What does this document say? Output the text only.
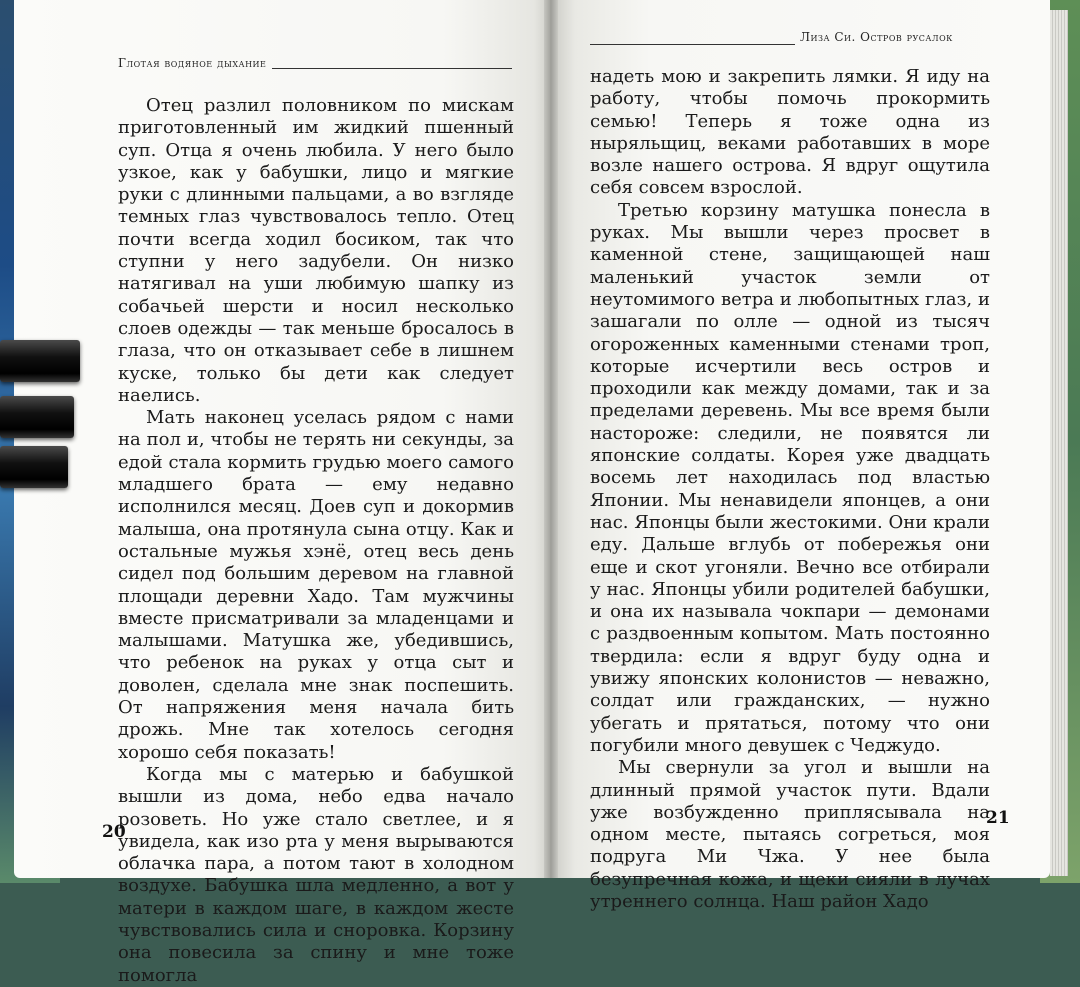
Глотая водяное дыхание

Отец разлил половником по мискам приготовленный им жидкий пшенный суп. Отца я очень любила. У него было узкое, как у бабушки, лицо и мягкие руки с длинными пальцами, а во взгляде темных глаз чувствовалось тепло. Отец почти всегда ходил босиком, так что ступни у него задубели. Он низко натягивал на уши любимую шапку из собачьей шерсти и носил несколько слоев одежды — так меньше бросалось в глаза, что он отказывает себе в лишнем куске, только бы дети как следует наелись.

Мать наконец уселась рядом с нами на пол и, чтобы не терять ни секунды, за едой стала кормить грудью моего самого младшего брата — ему недавно исполнился месяц. Доев суп и докормив малыша, она протянула сына отцу. Как и остальные мужья хэнё, отец весь день сидел под большим деревом на главной площади деревни Хадо. Там мужчины вместе присматривали за младенцами и малышами. Матушка же, убедившись, что ребенок на руках у отца сыт и доволен, сделала мне знак поспешить. От напряжения меня начала бить дрожь. Мне так хотелось сегодня хорошо себя показать!

Когда мы с матерью и бабушкой вышли из дома, небо едва начало розоветь. Но уже стало светлее, и я увидела, как изо рта у меня вырываются облачка пара, а потом тают в холодном воздухе. Бабушка шла медленно, а вот у матери в каждом шаге, в каждом жесте чувствовались сила и сноровка. Корзину она повесила за спину и мне тоже помогла

20
Лиза Си. Остров русалок

надеть мою и закрепить лямки. Я иду на работу, чтобы помочь прокормить семью! Теперь я тоже одна из ныряльщиц, веками работавших в море возле нашего острова. Я вдруг ощутила себя совсем взрослой.

Третью корзину матушка понесла в руках. Мы вышли через просвет в каменной стене, защищающей наш маленький участок земли от неутомимого ветра и любопытных глаз, и зашагали по олле — одной из тысяч огороженных каменными стенами троп, которые исчертили весь остров и проходили как между домами, так и за пределами деревень. Мы все время были настороже: следили, не появятся ли японские солдаты. Корея уже двадцать восемь лет находилась под властью Японии. Мы ненавидели японцев, а они нас. Японцы были жестокими. Они крали еду. Дальше вглубь от побережья они еще и скот угоняли. Вечно все отбирали у нас. Японцы убили родителей бабушки, и она их называла чокпари — демонами с раздвоенным копытом. Мать постоянно твердила: если я вдруг буду одна и увижу японских колонистов — неважно, солдат или гражданских, — нужно убегать и прятаться, потому что они погубили много девушек с Чеджудо.

Мы свернули за угол и вышли на длинный прямой участок пути. Вдали уже возбужденно приплясывала на одном месте, пытаясь согреться, моя подруга Ми Чжа. У нее была безупречная кожа, и щеки сияли в лучах утреннего солнца. Наш район Хадо

21
